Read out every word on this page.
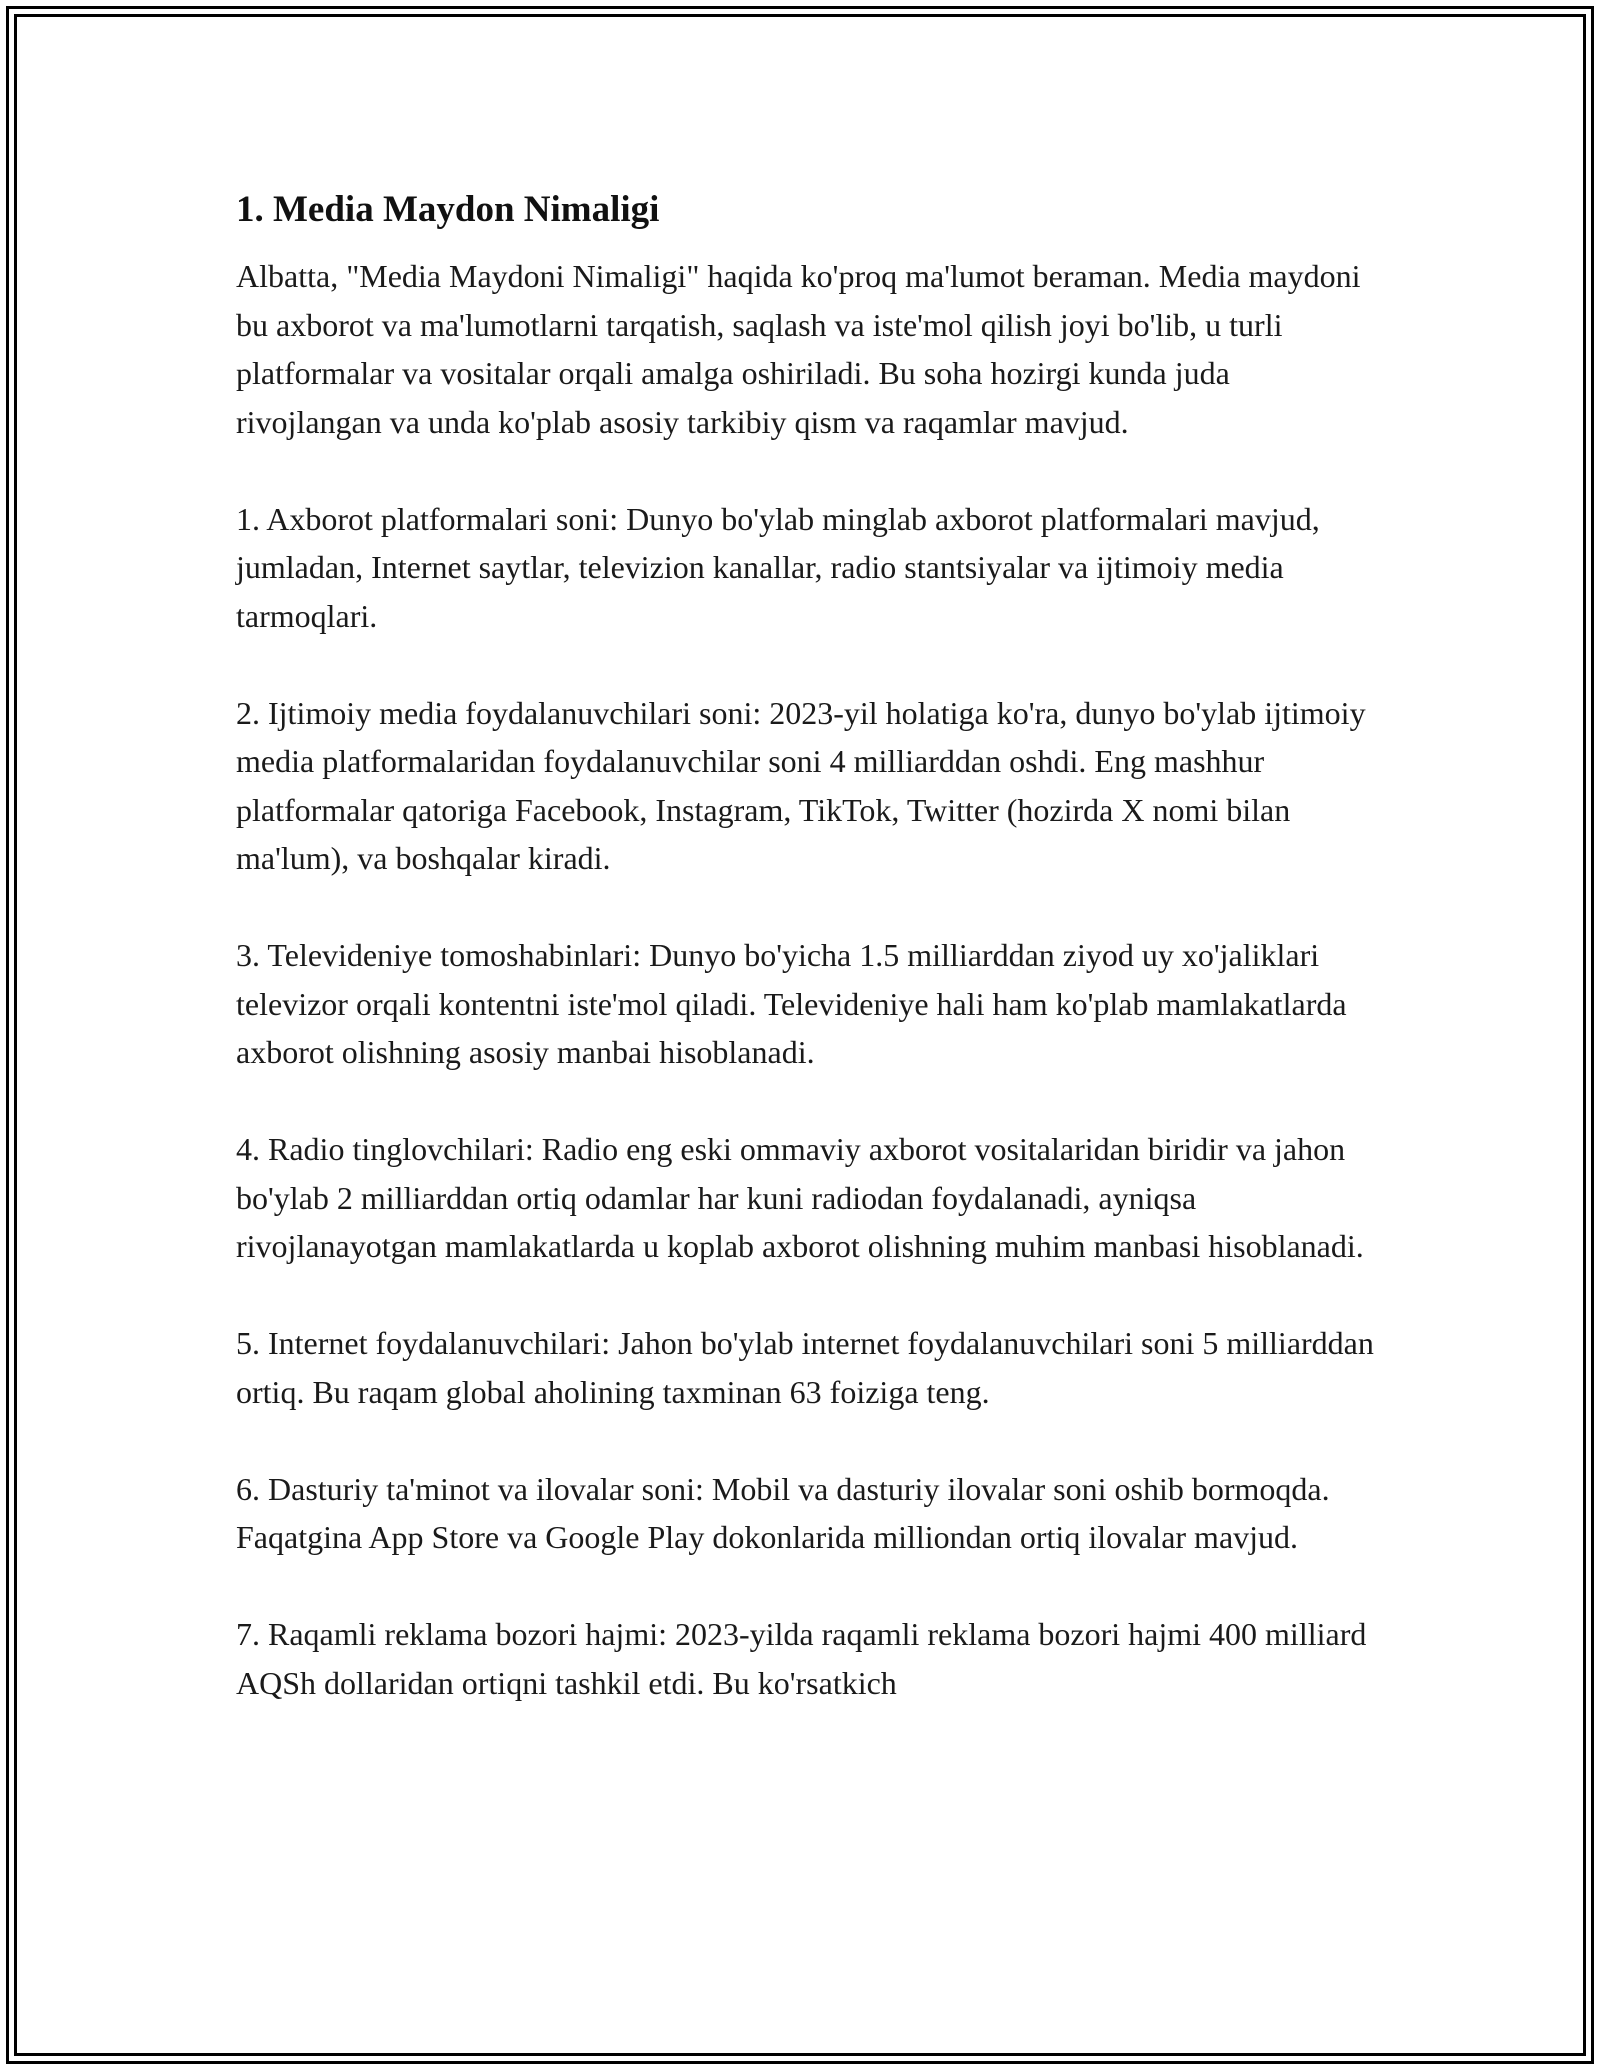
1. Media Maydon Nimaligi

Albatta, "Media Maydoni Nimaligi" haqida ko'proq ma'lumot beraman. Media maydoni bu axborot va ma'lumotlarni tarqatish, saqlash va iste'mol qilish joyi bo'lib, u turli platformalar va vositalar orqali amalga oshiriladi. Bu soha hozirgi kunda juda rivojlangan va unda ko'plab asosiy tarkibiy qism va raqamlar mavjud.

1. Axborot platformalari soni: Dunyo bo'ylab minglab axborot platformalari mavjud, jumladan, Internet saytlar, televizion kanallar, radio stantsiyalar va ijtimoiy media tarmoqlari.

2. Ijtimoiy media foydalanuvchilari soni: 2023-yil holatiga ko'ra, dunyo bo'ylab ijtimoiy media platformalaridan foydalanuvchilar soni 4 milliarddan oshdi. Eng mashhur platformalar qatoriga Facebook, Instagram, TikTok, Twitter (hozirda X nomi bilan ma'lum), va boshqalar kiradi.

3. Televideniye tomoshabinlari: Dunyo bo'yicha 1.5 milliarddan ziyod uy xo'jaliklari televizor orqali kontentni iste'mol qiladi. Televideniye hali ham ko'plab mamlakatlarda axborot olishning asosiy manbai hisoblanadi.

4. Radio tinglovchilari: Radio eng eski ommaviy axborot vositalaridan biridir va jahon bo'ylab 2 milliarddan ortiq odamlar har kuni radiodan foydalanadi, ayniqsa rivojlanayotgan mamlakatlarda u koplab axborot olishning muhim manbasi hisoblanadi.

5. Internet foydalanuvchilari: Jahon bo'ylab internet foydalanuvchilari soni 5 milliarddan ortiq. Bu raqam global aholining taxminan 63 foiziga teng.

6. Dasturiy ta'minot va ilovalar soni: Mobil va dasturiy ilovalar soni oshib bormoqda. Faqatgina App Store va Google Play dokonlarida milliondan ortiq ilovalar mavjud.

7. Raqamli reklama bozori hajmi: 2023-yilda raqamli reklama bozori hajmi 400 milliard AQSh dollaridan ortiqni tashkil etdi. Bu ko'rsatkich
